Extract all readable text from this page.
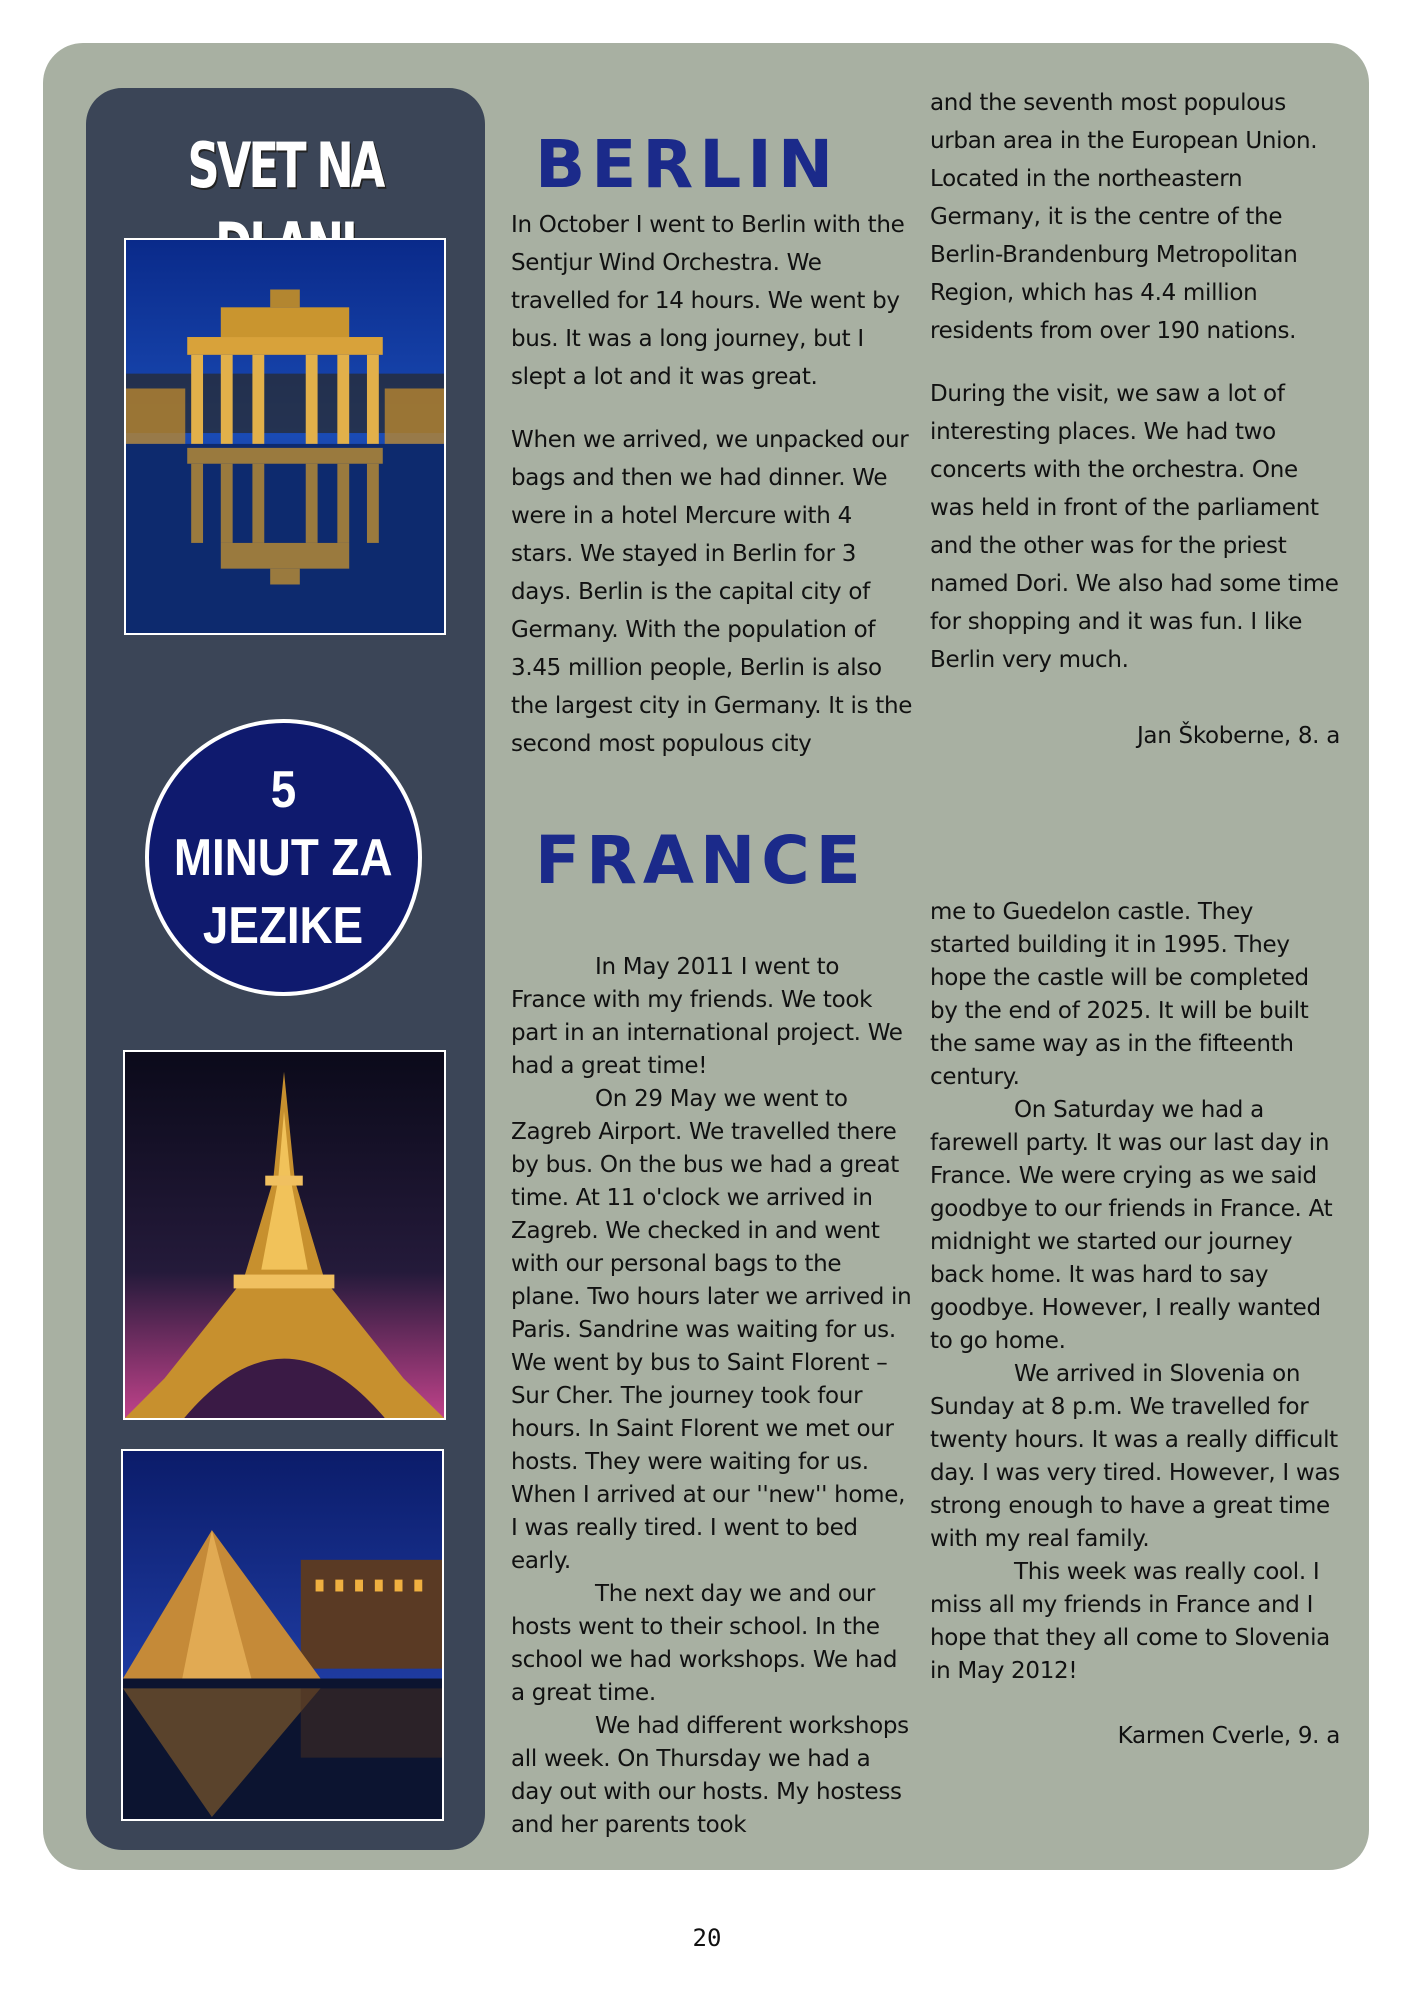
SVET NA
5
MINUT ZA
JEZIKE
BERLIN

In October I went to Berlin with the Sentjur Wind Orchestra. We travelled for 14 hours. We went by bus. It was a long journey, but I slept a lot and it was great.

When we arrived, we unpacked our bags and then we had dinner. We were in a hotel Mercure with 4 stars. We stayed in Berlin for 3 days. Berlin is the capital city of Germany. With the population of 3.45 million people, Berlin is also the largest city in Germany. It is the second most populous city

and the seventh most populous urban area in the European Union. Located in the northeastern Germany, it is the centre of the Berlin-Brandenburg Metropolitan Region, which has 4.4 million residents from over 190 nations.

During the visit, we saw a lot of interesting places. We had two concerts with the orchestra. One was held in front of the parliament and the other was for the priest named Dori. We also had some time for shopping and it was fun. I like Berlin very much.

Jan Škoberne, 8. a

FRANCE

In May 2011 I went to France with my friends. We took part in an international project. We had a great time!

On 29 May we went to Zagreb Airport. We travelled there by bus. On the bus we had a great time. At 11 o'clock we arrived in Zagreb. We checked in and went with our personal bags to the plane. Two hours later we arrived in Paris. Sandrine was waiting for us. We went by bus to Saint Florent – Sur Cher. The journey took four hours. In Saint Florent we met our hosts. They were waiting for us. When I arrived at our ''new'' home, I was really tired. I went to bed early.

The next day we and our hosts went to their school. In the school we had workshops. We had a great time.

We had different workshops all week. On Thursday we had a day out with our hosts. My hostess and her parents took

me to Guedelon castle. They started building it in 1995. They hope the castle will be completed by the end of 2025. It will be built the same way as in the fifteenth century.

On Saturday we had a farewell party. It was our last day in France. We were crying as we said goodbye to our friends in France. At midnight we started our journey back home. It was hard to say goodbye. However, I really wanted to go home.

We arrived in Slovenia on Sunday at 8 p.m. We travelled for twenty hours. It was a really difficult day. I was very tired. However, I was strong enough to have a great time with my real family.

This week was really cool. I miss all my friends in France and I hope that they all come to Slovenia in May 2012!

Karmen Cverle, 9. a

20
